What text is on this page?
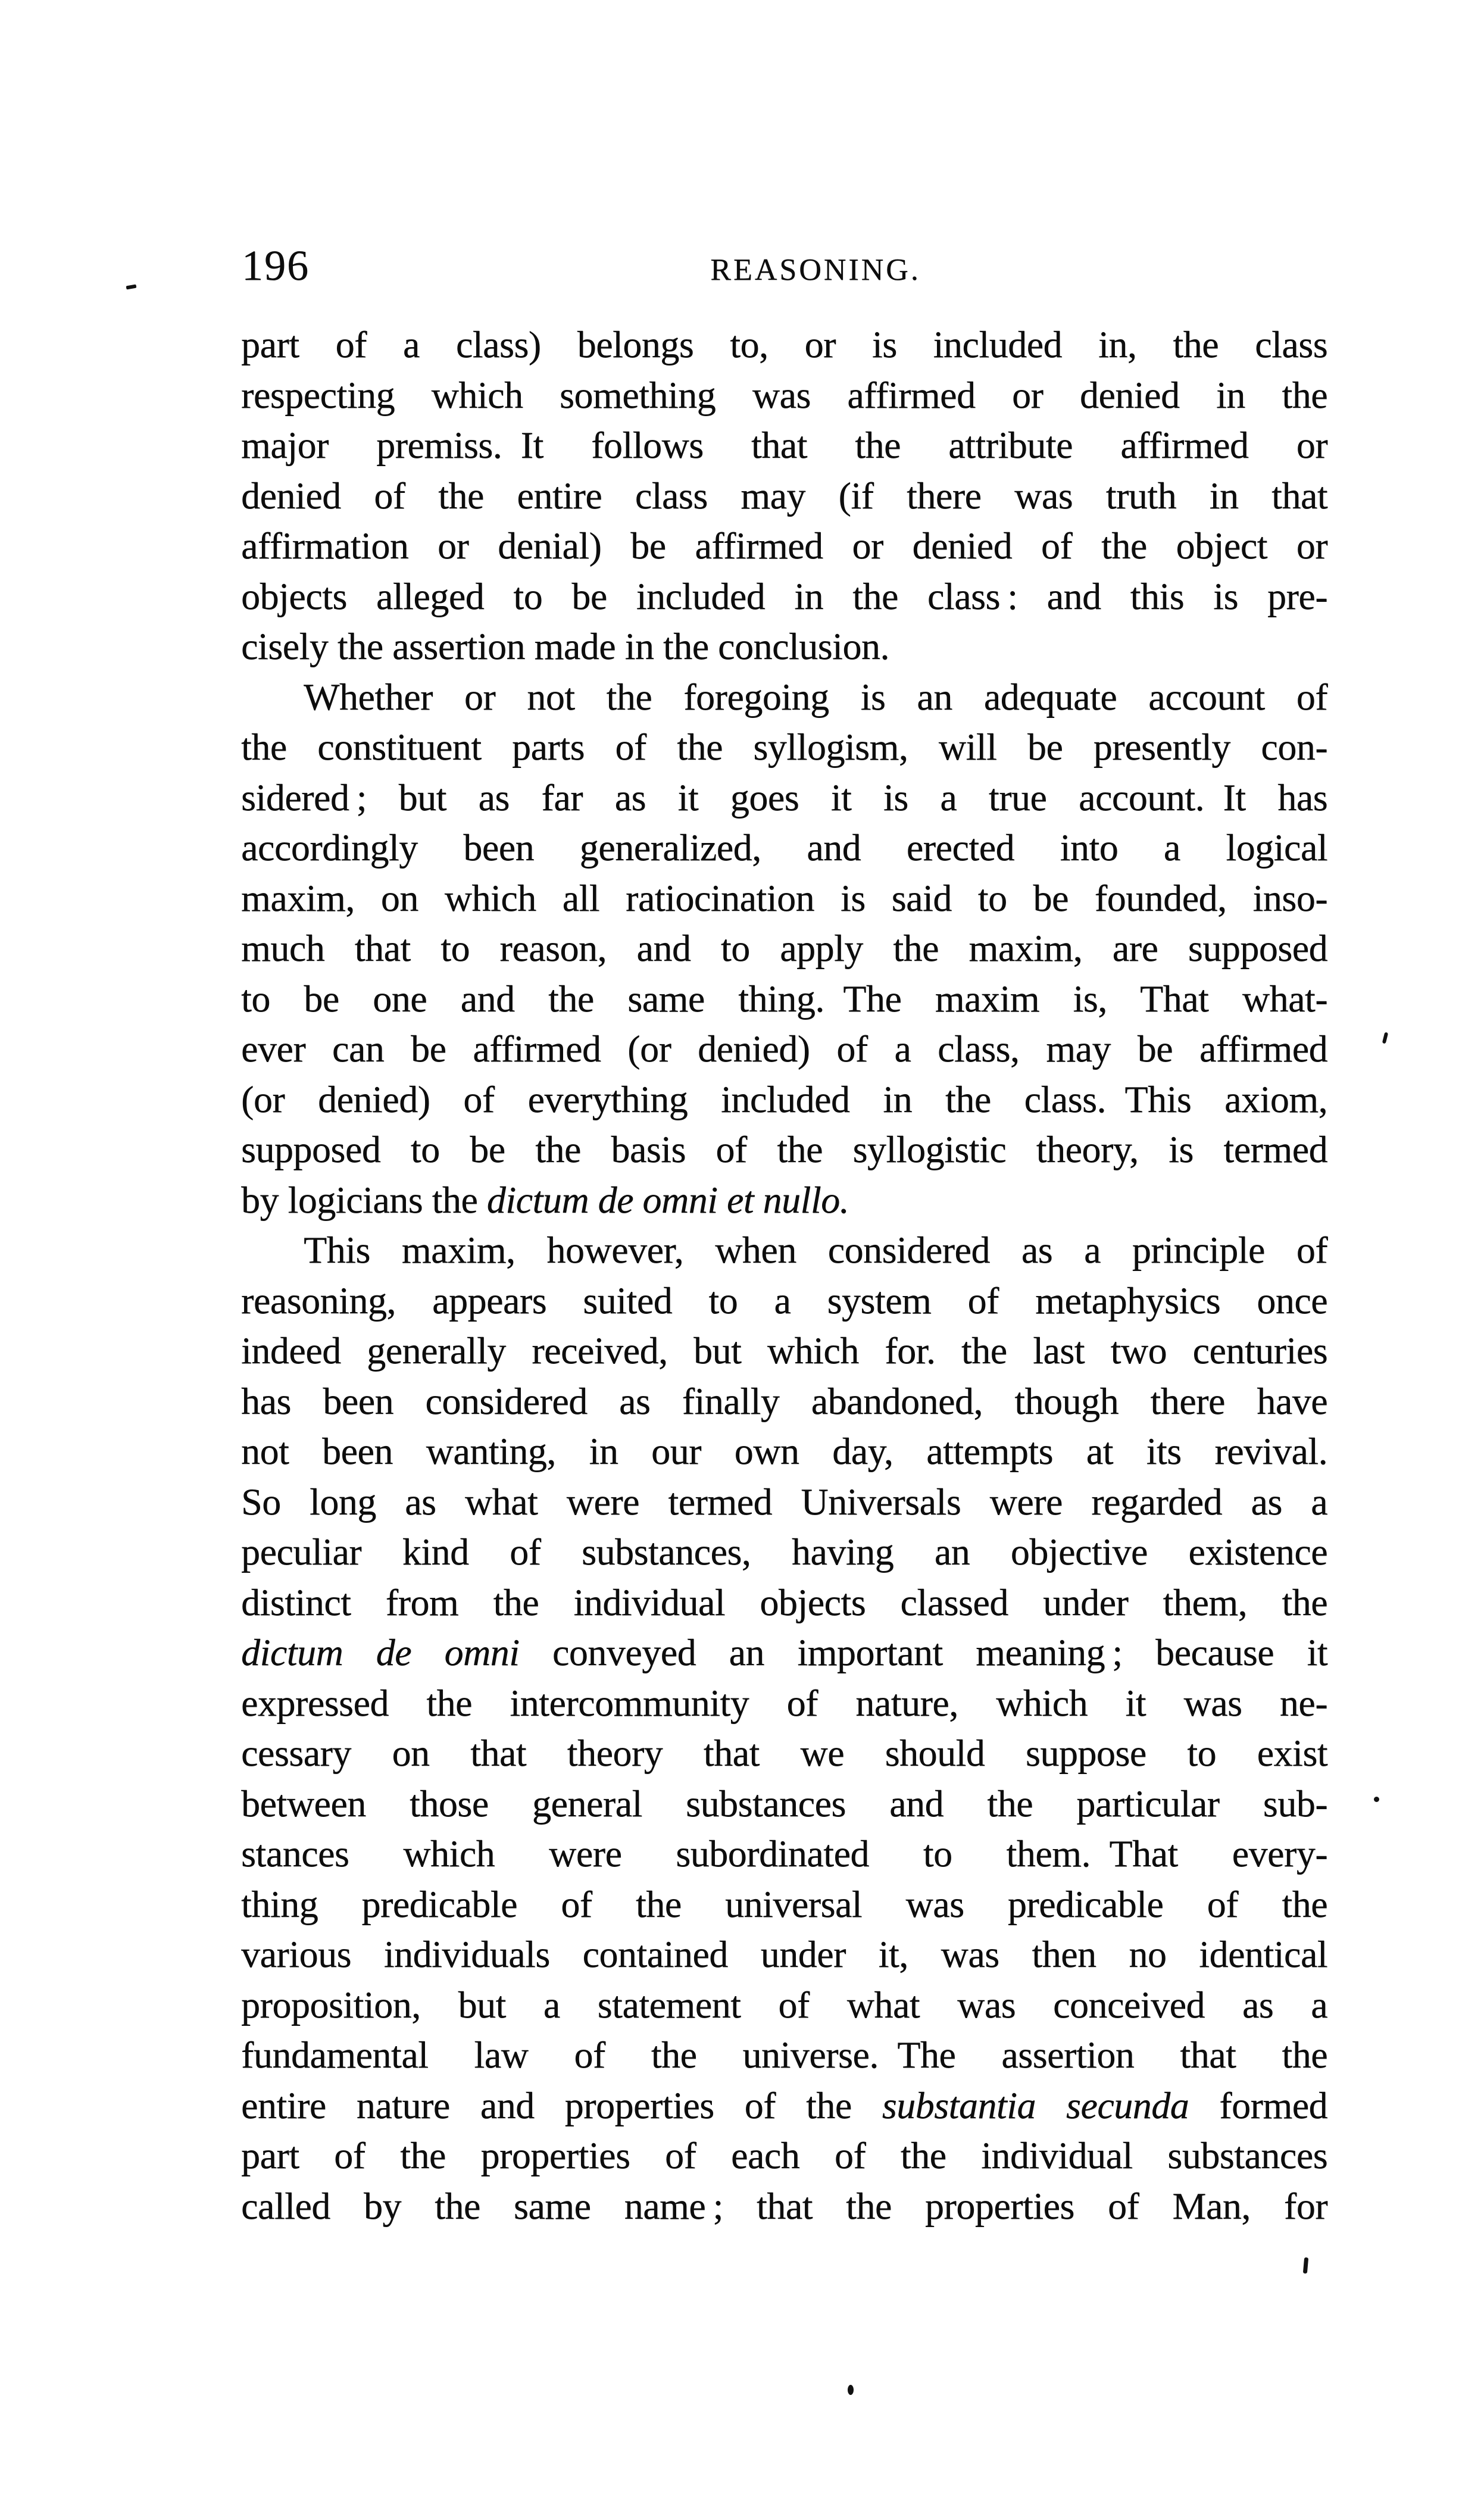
196	REASONING.
part of a class) belongs to, or is included in, the class
respecting which something was affirmed or denied in the
major premiss. It follows that the attribute affirmed or
denied of the entire class may (if there was truth in that
affirmation or denial) be affirmed or denied of the object or
objects alleged to be included in the class : and this is pre-
cisely the assertion made in the conclusion.
Whether or not the foregoing is an adequate account of
the constituent parts of the syllogism, will be presently con-
sidered ; but as far as it goes it is a true account. It has
accordingly been generalized, and erected into a logical
maxim, on which all ratiocination is said to be founded, inso-
much that to reason, and to apply the maxim, are supposed
to be one and the same thing. The maxim is, That what-
ever can be affirmed (or denied) of a class, may be affirmed
(or denied) of everything included in the class. This axiom,
supposed to be the basis of the syllogistic theory, is termed
by logicians the dictum de omni et nullo.
This maxim, however, when considered as a principle of
reasoning, appears suited to a system of metaphysics once
indeed generally received, but which for. the last two centuries
has been considered as finally abandoned, though there have
not been wanting, in our own day, attempts at its revival.
So long as what were termed Universals were regarded as a
peculiar kind of substances, having an objective existence
distinct from the individual objects classed under them, the
dictum de omni conveyed an important meaning ; because it
expressed the intercommunity of nature, which it was ne-
cessary on that theory that we should suppose to exist
between those general substances and the particular sub-
stances which were subordinated to them. That every-
thing predicable of the universal was predicable of the
various individuals contained under it, was then no identical
proposition, but a statement of what was conceived as a
fundamental law of the universe. The assertion that the
entire nature and properties of the substantia secunda formed
part of the properties of each of the individual substances
called by the same name ; that the properties of Man, for
